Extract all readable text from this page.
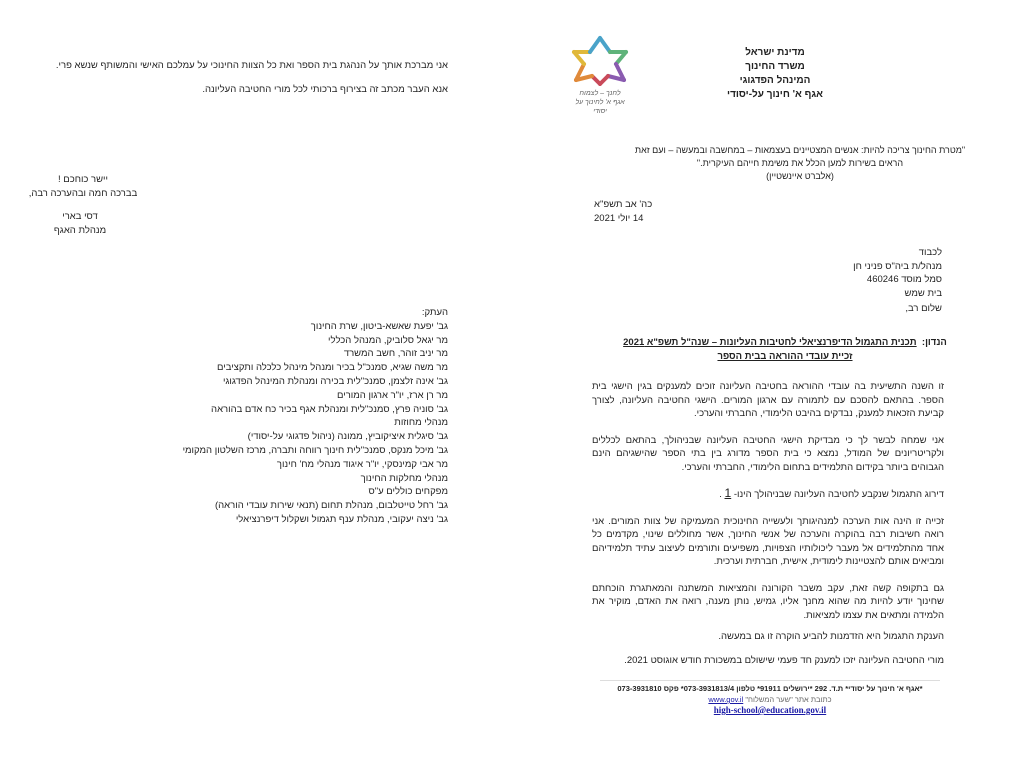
לחנך – לצמוח
אגף א' לחינוך על יסודי

מדינת ישראל

משרד החינוך

המינהל הפדגוגי

אגף א' חינוך על-יסודי

"מטרת החינוך צריכה להיות: אנשים המצטיינים בעצמאות – במחשבה ובמעשה – ועם זאת

הראים בשירות למען הכלל את משימת חייהם העיקרית."

(אלברט איינשטיין)

כה' אב תשפ"א

14 יולי 2021

לכבוד

מנהל/ת ביה"ס פניני חן

סמל מוסד 460246

בית שמש

שלום רב,

הנדון:  תכנית התגמול הדיפרנציאלי לחטיבות העליונות – שנה"ל תשפ"א 2021

זכיית עובדי ההוראה בבית הספר

זו השנה התשיעית בה עובדי ההוראה בחטיבה העליונה זוכים למענקים בגין הישגי בית הספר. בהתאם להסכם עם לתמורה עם ארגון המורים. הישגי החטיבה העליונה, לצורך קביעת הזכאות למענק, נבדקים בהיבט הלימודי, החברתי והערכי.

אני שמחה לבשר לך כי מבדיקת הישגי החטיבה העליונה שבניהולך, בהתאם לכללים ולקריטריונים של המודל, נמצא כי בית הספר מדורג בין בתי הספר שהישגיהם הינם הגבוהים ביותר בקידום התלמידים בתחום הלימודי, החברתי והערכי.

דירוג התגמול שנקבע לחטיבה העליונה שבניהולך הינו- 1 .

זכייה זו הינה אות הערכה למנהיגותך ולעשייה החינוכית המעמיקה של צוות המורים. אני רואה חשיבות רבה בהוקרה והערכה של אנשי החינוך, אשר מחוללים שינוי, מקדמים כל אחד מהתלמידים אל מעבר ליכולותיו הצפויות, משפיעים ותורמים לעיצוב עתיד תלמידיהם ומביאים אותם להצטיינות לימודית, אישית, חברתית וערכית.

גם בתקופה קשה זאת, עקב משבר הקורונה והמציאות המשתנה והמאתגרת הוכחתם שחינוך יודע להיות מה שהוא מחנך אליו, גמיש, נותן מענה, רואה את האדם, מוקיר את הלמידה ומתאים את עצמו למציאות.

הענקת התגמול היא הזדמנות להביע הוקרה זו גם במעשה.

מורי החטיבה העליונה יזכו למענק חד פעמי שישולם במשכורת חודש אוגוסט 2021.

*אגף א' חינוך על יסודי* ת.ד. 292 *ירושלים 91911* טלפון 073-3931813/4* פקס 073-3931810

כתובת אתר "שער המשלוח" www.gov.il

high-school@education.gov.il

אני מברכת אותך על הנהגת בית הספר ואת כל הצוות החינוכי על עמלכם האישי והמשותף שנשא פרי.

אנא העבר מכתב זה בצירוף ברכותי לכל מורי החטיבה העליונה.

יישר כוחכם !

בברכה חמה ובהערכה רבה,

דסי בארי

מנהלת האגף

העתק:

גב' יפעת שאשא-ביטון, שרת החינוך

מר יגאל סלוביק, המנהל הכללי

מר יניב זוהר, חשב המשרד

מר משה שגיא, סמנכ"ל בכיר ומנהל מינהל כלכלה ותקציבים

גב' אינה זלצמן, סמנכ"לית בכירה ומנהלת המינהל הפדגוגי

מר רן ארז, יו"ר ארגון המורים

גב' סוניה פרץ, סמנכ"לית ומנהלת אגף בכיר כח אדם בהוראה

מנהלי מחוזות

גב' סיגלית איציקוביץ, ממונה (ניהול פדגוגי על-יסודי)

גב' מיכל מנקס, סמנכ"לית חינוך רווחה ותברה, מרכז השלטון המקומי

מר אבי קמינסקי, יו"ר איגוד מנהלי מח' חינוך

מנהלי מחלקות החינוך

מפקחים כוללים ע"ס

גב' רחל טייטלבום, מנהלת תחום (תנאי שירות עובדי הוראה)

גב' ניצה יעקובי, מנהלת ענף תגמול ושקלול דיפרנציאלי
